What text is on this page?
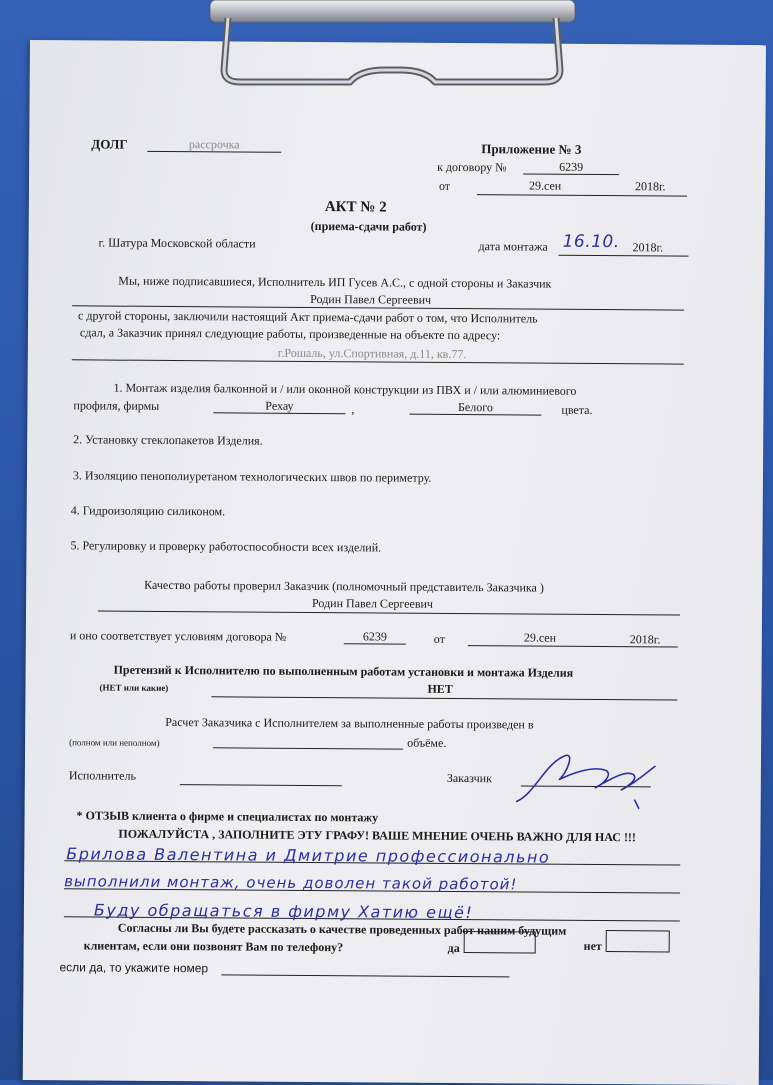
ДОЛГ	рассрочка	Приложение № 3
к договору №	6239
от	29.сен	2018г.
АКТ № 2
(приема-сдачи работ)
г. Шатура Московской области	дата монтажа 16.10. 2018г.
Мы, ниже подписавшиеся, Исполнитель ИП Гусев А.С., с одной стороны и Заказчик
Родин Павел Сергеевич
с другой стороны, заключили настоящий Акт приема-сдачи работ о том, что Исполнитель
сдал, а Заказчик принял следующие работы, произведенные на объекте по адресу:
г.Рошаль, ул.Спортивная, д.11, кв.77.
1. Монтаж изделия балконной и / или оконной конструкции из ПВХ и / или алюминиевого
профиля, фирмы	Рехау	,	Белого	цвета.
2. Установку стеклопакетов Изделия.
3. Изоляцию пенополиуретаном технологических швов по периметру.
4. Гидроизоляцию силиконом.
5. Регулировку и проверку работоспособности всех изделий.
Качество работы проверил Заказчик (полномочный представитель Заказчика )
Родин Павел Сергеевич
и оно соответствует условиям договора №	6239	от	29.сен	2018г.
Претензий к Исполнителю по выполненным работам установки и монтажа Изделия
(НЕТ или какие)	НЕТ
Расчет Заказчика с Исполнителем за выполненные работы произведен в
(полном или неполном)	объёме.
Исполнитель	Заказчик
* ОТЗЫВ клиента о фирме и специалистах по монтажу
ПОЖАЛУЙСТА , ЗАПОЛНИТЕ ЭТУ ГРАФУ! ВАШЕ МНЕНИЕ ОЧЕНЬ ВАЖНО ДЛЯ НАС !!!
Брилова Валентина и Дмитрие профессионально
выполнили монтаж, очень доволен такой работой!
Буду обращаться в фирму Хатию ещё!
Согласны ли Вы будете рассказать о качестве проведенных работ нашим будущим
клиентам, если они позвонят Вам по телефону?	да	нет
если да, то укажите номер
